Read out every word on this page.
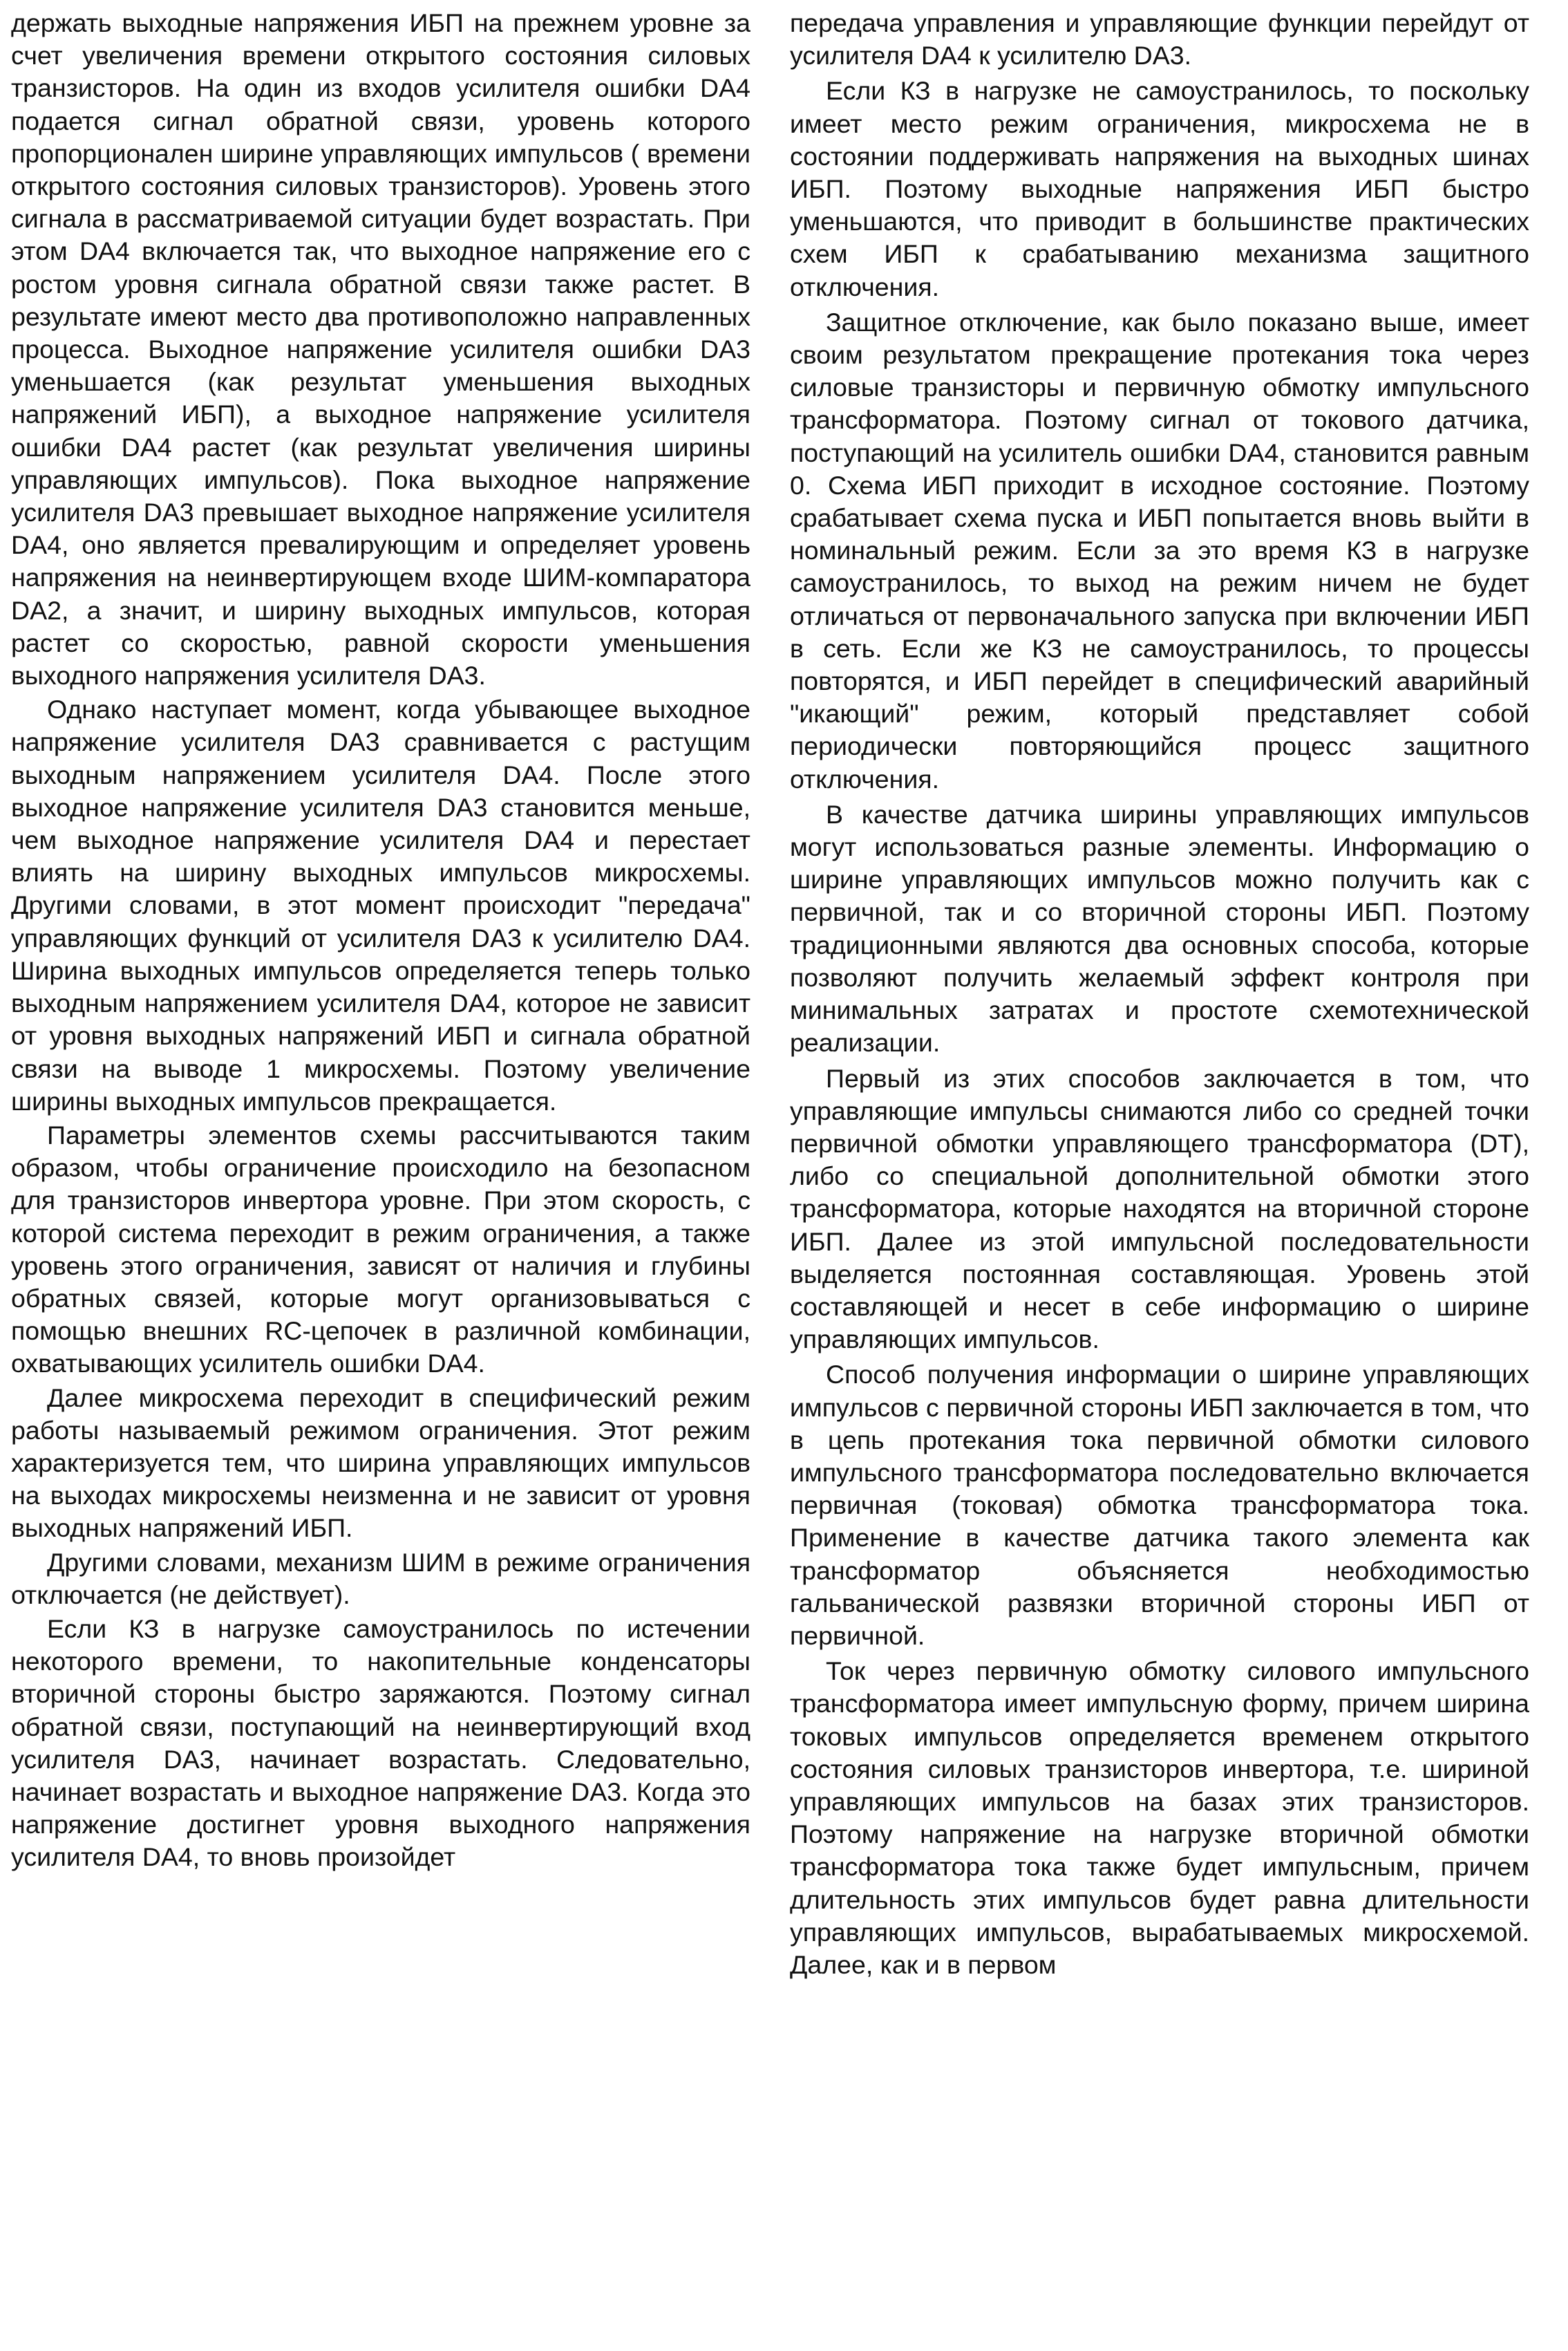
держать выходные напряжения ИБП на прежнем уровне за счет увеличения времени открытого состояния силовых транзисторов. На один из входов усилителя ошибки DA4 подается сигнал обратной связи, уровень которого пропорционален ширине управляющих импульсов ( времени открытого состояния силовых транзисторов). Уровень этого сигнала в рассматриваемой ситуации будет возрастать. При этом DA4 включается так, что выходное напряжение его с ростом уровня сигнала обратной связи также растет. В результате имеют место два противоположно направленных процесса. Выходное напряжение усилителя ошибки DA3 уменьшается (как результат уменьшения выходных напряжений ИБП), а выходное напряжение усилителя ошибки DA4 растет (как результат увеличения ширины управляющих импульсов). Пока выходное напряжение усилителя DA3 превышает выходное напряжение усилителя DA4, оно является превалирующим и определяет уровень напряжения на неинвертирующем входе ШИМ-компаратора DA2, а значит, и ширину выходных импульсов, которая растет со скоростью, равной скорости уменьшения выходного напряжения усилителя DA3.

Однако наступает момент, когда убывающее выходное напряжение усилителя DA3 сравнивается с растущим выходным напряжением усилителя DA4. После этого выходное напряжение усилителя DA3 становится меньше, чем выходное напряжение усилителя DA4 и перестает влиять на ширину выходных импульсов микросхемы. Другими словами, в этот момент происходит "передача" управляющих функций от усилителя DA3 к усилителю DA4. Ширина выходных импульсов определяется теперь только выходным напряжением усилителя DA4, которое не зависит от уровня выходных напряжений ИБП и сигнала обратной связи на выводе 1 микросхемы. Поэтому увеличение ширины выходных импульсов прекращается.

Параметры элементов схемы рассчитываются таким образом, чтобы ограничение происходило на безопасном для транзисторов инвертора уровне. При этом скорость, с которой система переходит в режим ограничения, а также уровень этого ограничения, зависят от наличия и глубины обратных связей, которые могут организовываться с помощью внешних RC-цепочек в различной комбинации, охватывающих усилитель ошибки DA4.

Далее микросхема переходит в специфический режим работы называемый режимом ограничения. Этот режим характеризуется тем, что ширина управляющих импульсов на выходах микросхемы неизменна и не зависит от уровня выходных напряжений ИБП.

Другими словами, механизм ШИМ в режиме ограничения отключается (не действует).

Если КЗ в нагрузке самоустранилось по истечении некоторого времени, то накопительные конденсаторы вторичной стороны быстро заряжаются. Поэтому сигнал обратной связи, поступающий на неинвертирующий вход усилителя DA3, начинает возрастать. Следовательно, начинает возрастать и выходное напряжение DA3. Когда это напряжение достигнет уровня выходного напряжения усилителя DA4, то вновь произойдет

передача управления и управляющие функции перейдут от усилителя DA4 к усилителю DA3.

Если КЗ в нагрузке не самоустранилось, то поскольку имеет место режим ограничения, микросхема не в состоянии поддерживать напряжения на выходных шинах ИБП. Поэтому выходные напряжения ИБП быстро уменьшаются, что приводит в большинстве практических схем ИБП к срабатыванию механизма защитного отключения.

Защитное отключение, как было показано выше, имеет своим результатом прекращение протекания тока через силовые транзисторы и первичную обмотку импульсного трансформатора. Поэтому сигнал от токового датчика, поступающий на усилитель ошибки DA4, становится равным 0. Схема ИБП приходит в исходное состояние. Поэтому срабатывает схема пуска и ИБП попытается вновь выйти в номинальный режим. Если за это время КЗ в нагрузке самоустранилось, то выход на режим ничем не будет отличаться от первоначального запуска при включении ИБП в сеть. Если же КЗ не самоустранилось, то процессы повторятся, и ИБП перейдет в специфический аварийный "икающий" режим, который представляет собой периодически повторяющийся процесс защитного отключения.

В качестве датчика ширины управляющих импульсов могут использоваться разные элементы. Информацию о ширине управляющих импульсов можно получить как с первичной, так и со вторичной стороны ИБП. Поэтому традиционными являются два основных способа, которые позволяют получить желаемый эффект контроля при минимальных затратах и простоте схемотехнической реализации.

Первый из этих способов заключается в том, что управляющие импульсы снимаются либо со средней точки первичной обмотки управляющего трансформатора (DT), либо со специальной дополнительной обмотки этого трансформатора, которые находятся на вторичной стороне ИБП. Далее из этой импульсной последовательности выделяется постоянная составляющая. Уровень этой составляющей и несет в себе информацию о ширине управляющих импульсов.

Способ получения информации о ширине управляющих импульсов с первичной стороны ИБП заключается в том, что в цепь протекания тока первичной обмотки силового импульсного трансформатора последовательно включается первичная (токовая) обмотка трансформатора тока. Применение в качестве датчика такого элемента как трансформатор объясняется необходимостью гальванической развязки вторичной стороны ИБП от первичной.

Ток через первичную обмотку силового импульсного трансформатора имеет импульсную форму, причем ширина токовых импульсов определяется временем открытого состояния силовых транзисторов инвертора, т.е. шириной управляющих импульсов на базах этих транзисторов. Поэтому напряжение на нагрузке вторичной обмотки трансформатора тока также будет импульсным, причем длительность этих импульсов будет равна длительности управляющих импульсов, вырабатываемых микросхемой. Далее, как и в первом
